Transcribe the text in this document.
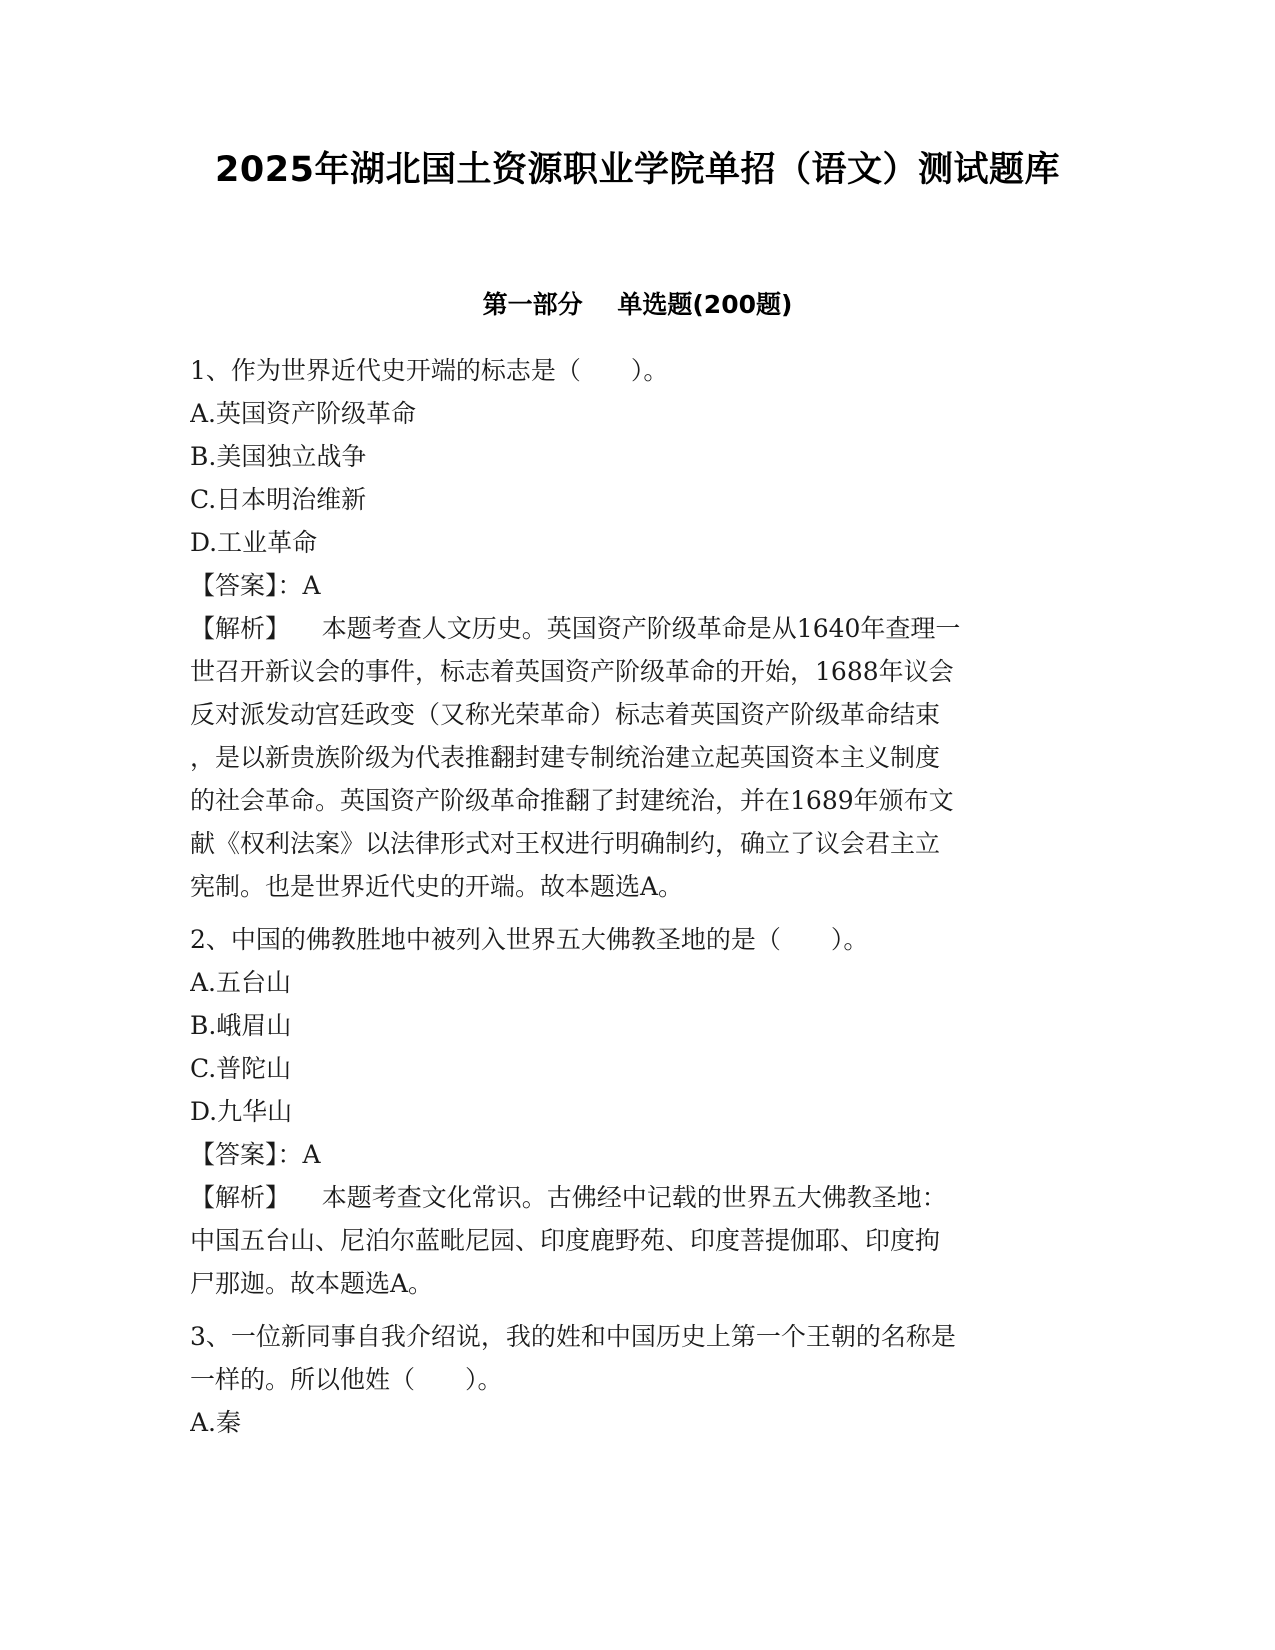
2025年湖北国土资源职业学院单招（语文）测试题库
第一部分    单选题(200题)
1、作为世界近代史开端的标志是（　　）。
A.英国资产阶级革命
B.美国独立战争
C.日本明治维新
D.工业革命
【答案】：A
【解析】    本题考查人文历史。英国资产阶级革命是从1640年查理一
世召开新议会的事件，标志着英国资产阶级革命的开始，1688年议会
反对派发动宫廷政变（又称光荣革命）标志着英国资产阶级革命结束
，是以新贵族阶级为代表推翻封建专制统治建立起英国资本主义制度
的社会革命。英国资产阶级革命推翻了封建统治，并在1689年颁布文
献《权利法案》以法律形式对王权进行明确制约，确立了议会君主立
宪制。也是世界近代史的开端。故本题选A。
2、中国的佛教胜地中被列入世界五大佛教圣地的是（　　）。
A.五台山
B.峨眉山
C.普陀山
D.九华山
【答案】：A
【解析】    本题考查文化常识。古佛经中记载的世界五大佛教圣地：
中国五台山、尼泊尔蓝毗尼园、印度鹿野苑、印度菩提伽耶、印度拘
尸那迦。故本题选A。
3、一位新同事自我介绍说，我的姓和中国历史上第一个王朝的名称是
一样的。所以他姓（　　）。
A.秦
